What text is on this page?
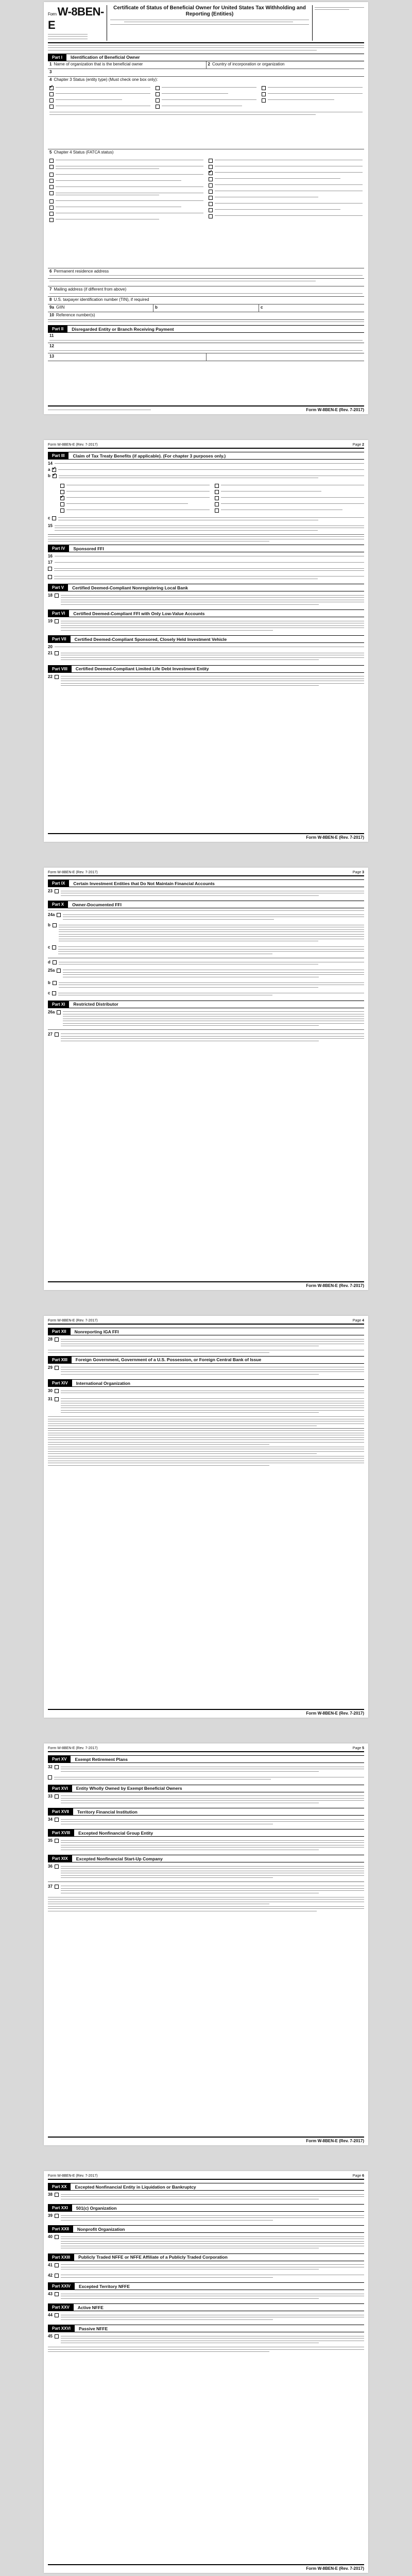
FormW-8BEN-E
Certificate of Status of Beneficial Owner for United States Tax Withholding and Reporting (Entities)
Part I	Identification of Beneficial Owner
1 Name of organization that is the beneficial owner	2 Country of incorporation or organization
3
4 Chapter 3 Status (entity type) (Must check one box only):
✓
5 Chapter 4 Status (FATCA status)
✓
6 Permanent residence address
7 Mailing address (if different from above)
8 U.S. taxpayer identification number (TIN), if required
9a GIIN	b	c
10 Reference number(s)
Part II	Disregarded Entity or Branch Receiving Payment
11
12
13
Form W-8BEN-E (Rev. 7-2017)
Form W-8BEN-E (Rev. 7-2017)	Page 2
Part III	Claim of Tax Treaty Benefits (if applicable). (For chapter 3 purposes only.)
14
a
✓
b
✓
✓
c
15
Part IV	Sponsored FFI
16
17
Part V	Certified Deemed-Compliant Nonregistering Local Bank
18
Part VI	Certified Deemed-Compliant FFI with Only Low-Value Accounts
19
Part VII	Certified Deemed-Compliant Sponsored, Closely Held Investment Vehicle
20
21
Part VIII	Certified Deemed-Compliant Limited Life Debt Investment Entity
22
Form W-8BEN-E (Rev. 7-2017)
Form W-8BEN-E (Rev. 7-2017)	Page 3
Part IX	Certain Investment Entities that Do Not Maintain Financial Accounts
23
Part X	Owner-Documented FFI
24a
b
c
d
25a
b
c
Part XI	Restricted Distributor
26a
27
Form W-8BEN-E (Rev. 7-2017)
Form W-8BEN-E (Rev. 7-2017)	Page 4
Part XII	Nonreporting IGA FFI
28
Part XIII	Foreign Government, Government of a U.S. Possession, or Foreign Central Bank of Issue
29
Part XIV	International Organization
30
31
Form W-8BEN-E (Rev. 7-2017)
Form W-8BEN-E (Rev. 7-2017)	Page 5
Part XV	Exempt Retirement Plans
32
Part XVI	Entity Wholly Owned by Exempt Beneficial Owners
33
Part XVII	Territory Financial Institution
34
Part XVIII	Excepted Nonfinancial Group Entity
35
Part XIX	Excepted Nonfinancial Start-Up Company
36
37
Form W-8BEN-E (Rev. 7-2017)
Form W-8BEN-E (Rev. 7-2017)	Page 6
Part XX	Excepted Nonfinancial Entity in Liquidation or Bankruptcy
38
Part XXI	501(c) Organization
39
Part XXII	Nonprofit Organization
40
Part XXIII	Publicly Traded NFFE or NFFE Affiliate of a Publicly Traded Corporation
41
42
Part XXIV	Excepted Territory NFFE
43
Part XXV	Active NFFE
44
Part XXVI	Passive NFFE
45
Form W-8BEN-E (Rev. 7-2017)
